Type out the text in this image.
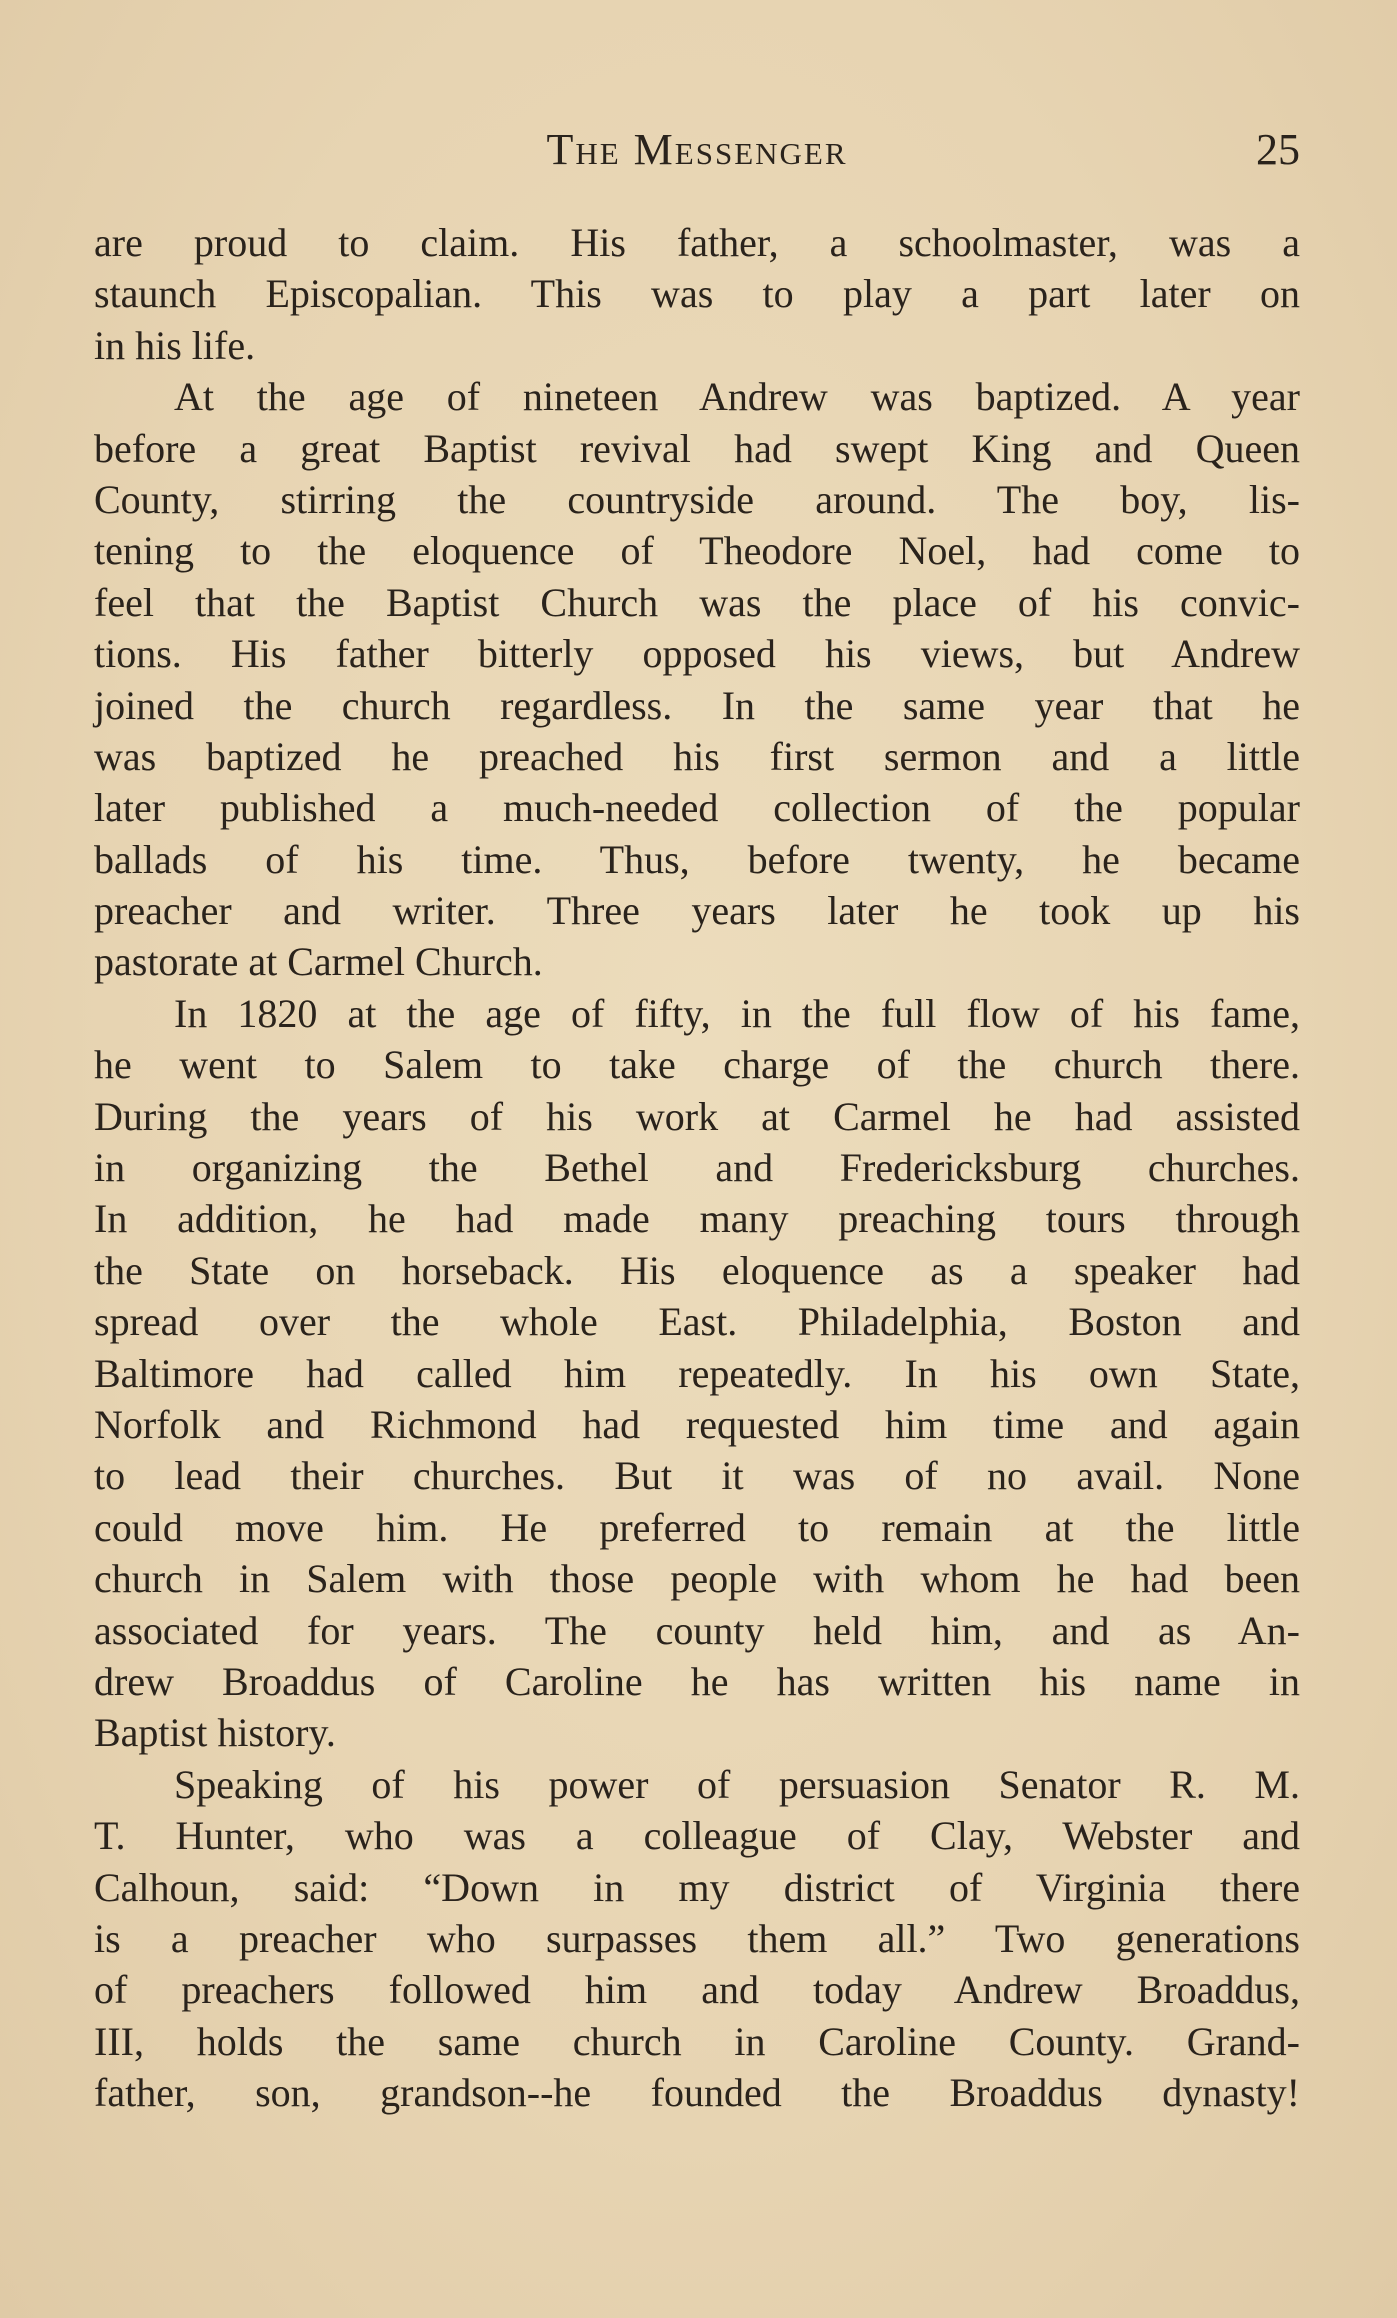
The Messenger	25
are proud to claim. His father, a schoolmaster, was a
staunch Episcopalian. This was to play a part later on
in his life.
At the age of nineteen Andrew was baptized. A year
before a great Baptist revival had swept King and Queen
County, stirring the countryside around. The boy, lis-
tening to the eloquence of Theodore Noel, had come to
feel that the Baptist Church was the place of his convic-
tions. His father bitterly opposed his views, but Andrew
joined the church regardless. In the same year that he
was baptized he preached his first sermon and a little
later published a much-needed collection of the popular
ballads of his time. Thus, before twenty, he became
preacher and writer. Three years later he took up his
pastorate at Carmel Church.
In 1820 at the age of fifty, in the full flow of his fame,
he went to Salem to take charge of the church there.
During the years of his work at Carmel he had assisted
in organizing the Bethel and Fredericksburg churches.
In addition, he had made many preaching tours through
the State on horseback. His eloquence as a speaker had
spread over the whole East. Philadelphia, Boston and
Baltimore had called him repeatedly. In his own State,
Norfolk and Richmond had requested him time and again
to lead their churches. But it was of no avail. None
could move him. He preferred to remain at the little
church in Salem with those people with whom he had been
associated for years. The county held him, and as An-
drew Broaddus of Caroline he has written his name in
Baptist history.
Speaking of his power of persuasion Senator R. M.
T. Hunter, who was a colleague of Clay, Webster and
Calhoun, said: “Down in my district of Virginia there
is a preacher who surpasses them all.” Two generations
of preachers followed him and today Andrew Broaddus,
III, holds the same church in Caroline County. Grand-
father, son, grandson--he founded the Broaddus dynasty!
